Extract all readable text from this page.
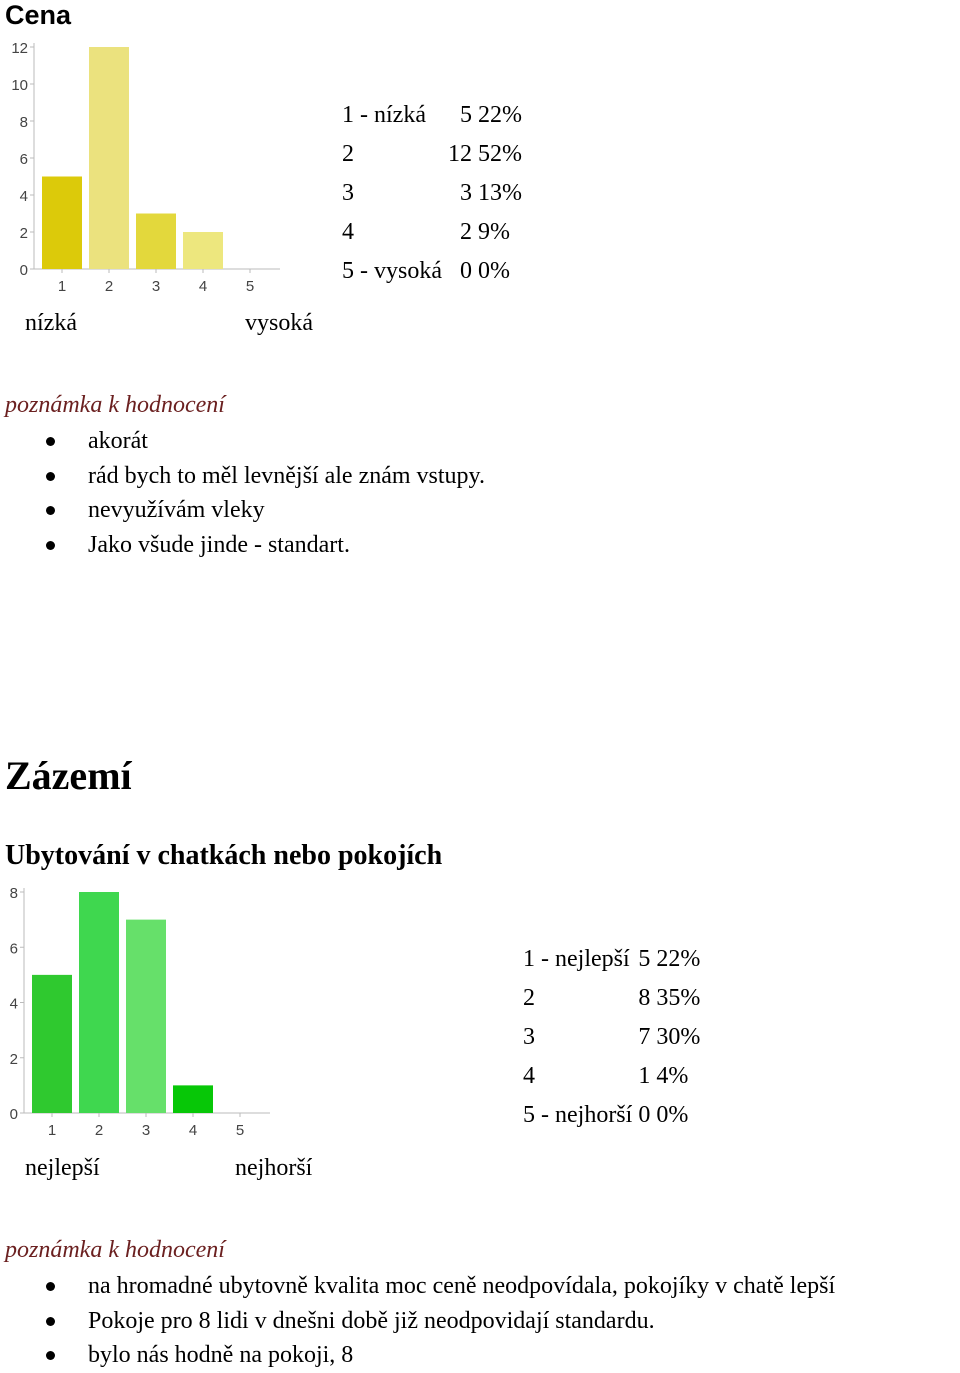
Cena
0
2
4
6
8
10
12
1	2	3	4	5
nízká	vysoká
1 - nízká	5	22%
2	12	52%
3	3	13%
4	2	9%
5 - vysoká	0	0%
poznámka k hodnocení
akorát
rád bych to měl levnější ale znám vstupy.
nevyužívám vleky
Jako všude jinde - standart.
Zázemí
Ubytování v chatkách nebo pokojích
0
2
4
6
8
1	2	3	4	5
nejlepší	nejhorší
1 - nejlepší	5	22%
2	8	35%
3	7	30%
4	1	4%
5 - nejhorší	0	0%
poznámka k hodnocení
na hromadné ubytovně kvalita moc ceně neodpovídala, pokojíky v chatě lepší
Pokoje pro 8 lidi v dnešni době již neodpovidají standardu.
bylo nás hodně na pokoji, 8
